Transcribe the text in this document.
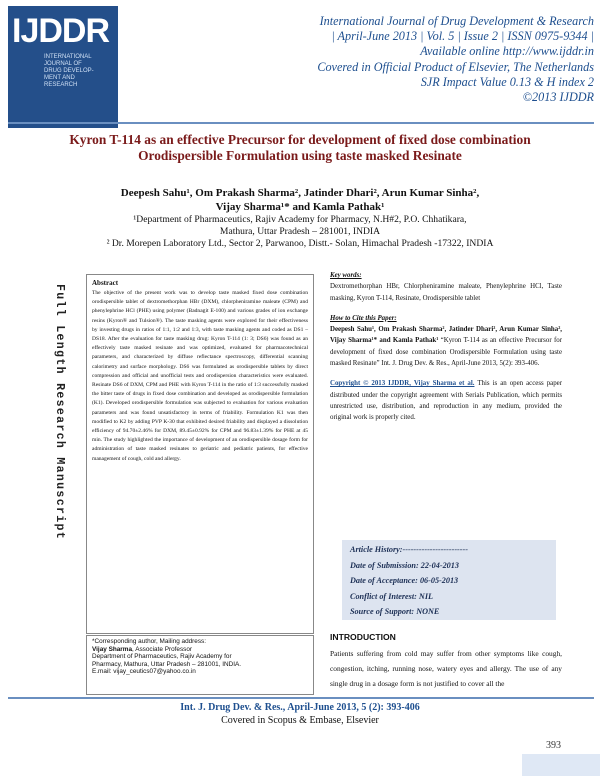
IJDDR
INTERNATIONAL
JOURNAL OF
DRUG DEVELOP-
MENT AND
RESEARCH
International Journal of Drug Development & Research
| April-June 2013 | Vol. 5 | Issue 2 | ISSN 0975-9344 |
Available online http://www.ijddr.in
Covered in Official Product of Elsevier, The Netherlands
SJR Impact Value 0.13 & H index 2
©2013 IJDDR
Kyron T-114 as an effective Precursor for development of fixed dose combination Orodispersible Formulation using taste masked Resinate
Deepesh Sahu¹, Om Prakash Sharma², Jatinder Dhari², Arun Kumar Sinha²,
Vijay Sharma¹* and Kamla Pathak¹
¹Department of Pharmaceutics, Rajiv Academy for Pharmacy, N.H#2, P.O. Chhatikara,
Mathura, Uttar Pradesh – 281001, INDIA
² Dr. Morepen Laboratory Ltd., Sector 2, Parwanoo, Distt.- Solan, Himachal Pradesh -17322, INDIA
Full Length Research Manuscript
Abstract
The objective of the present work was to develop taste masked fixed dose combination orodispersible tablet of dextromethorphan HBr (DXM), chlorpheniramine maleate (CPM) and phenylephrine HCl (PHE) using polymer (Badnagit E-100) and various grades of ion exchange resins (Kyron® and Tulsion®). The taste masking agents were explored for their effectiveness by investing drugs in ratios of 1:1, 1:2 and 1:3, with taste masking agents and coded as DS1 – DS18. After the evaluation for taste masking drug: Kyron T-114 (1: 3; DS6) was found as an effectively taste masked resinate and was optimized, evaluated for pharmacotechnical parameters, and characterized by diffuse reflectance spectroscopy, differential scanning calorimetry and surface morphology. DS6 was formulated as orodispersible tablets by direct compression and official and unofficial tests and orodispersion characteristics were evaluated. Resinate DS6 of DXM, CPM and PHE with Kyron T-114 in the ratio of 1:3 successfully masked the bitter taste of drugs in fixed dose combination and developed as orodispersible formulation (K1). Developed orodispersible formulation was subjected to evaluation for various evaluation parameters and was found unsatisfactory in terms of friability. Formulation K1 was then modified to K2 by adding PVP K-30 that exhibited desired friability and displayed a dissolution efficiency of 94.70±2.46% for DXM, 89.45±0.92% for CPM and 96.83±1.39% for PHE at 45 min. The study highlighted the importance of development of an orodispersible dosage form for administration of taste masked resinates to geriatric and pediatric patients, for effective management of cough, cold and allergy.
*Corresponding author, Mailing address:
Vijay Sharma, Associate Professor
Department of Pharmaceutics, Rajiv Academy for
Pharmacy, Mathura, Uttar Pradesh – 281001, INDIA.
E.mail: vijay_ceutics07@yahoo.co.in
Key words:
Dextromethorphan HBr, Chlorpheniramine maleate, Phenylephrine HCl, Taste masking, Kyron T-114, Resinate, Orodispersible tablet
How to Cite this Paper:
Deepesh Sahu¹, Om Prakash Sharma², Jatinder Dhari², Arun Kumar Sinha², Vijay Sharma¹* and Kamla Pathak¹ “Kyron T-114 as an effective Precursor for development of fixed dose combination Orodispersible Formulation using taste masked Resinate” Int. J. Drug Dev. & Res., April-June 2013, 5(2): 393-406.
Copyright © 2013 IJDDR, Vijay Sharma et al. This is an open access paper distributed under the copyright agreement with Serials Publication, which permits unrestricted use, distribution, and reproduction in any medium, provided the original work is properly cited.
Article History:------------------------
Date of Submission: 22-04-2013
Date of Acceptance: 06-05-2013
Conflict of Interest: NIL
Source of Support: NONE
INTRODUCTION
Patients suffering from cold may suffer from other symptoms like cough, congestion, itching, running nose, watery eyes and allergy. The use of any single drug in a dosage form is not justified to cover all the
Int. J. Drug Dev. & Res., April-June 2013, 5 (2): 393-406
Covered in Scopus & Embase, Elsevier
393
